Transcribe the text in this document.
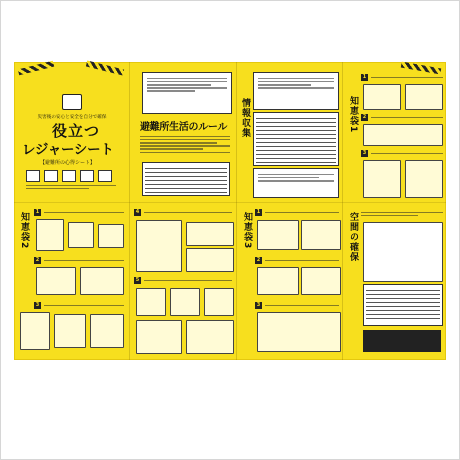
災害後の安心と安全を自分で確保
役立つ
レジャーシート
【避難所の心得シート】
知恵袋2	1
2
3
避難所生活のルール
4
5
情報収集
知恵袋3 1
2
3
知恵袋1
1
2
3
空間の確保
